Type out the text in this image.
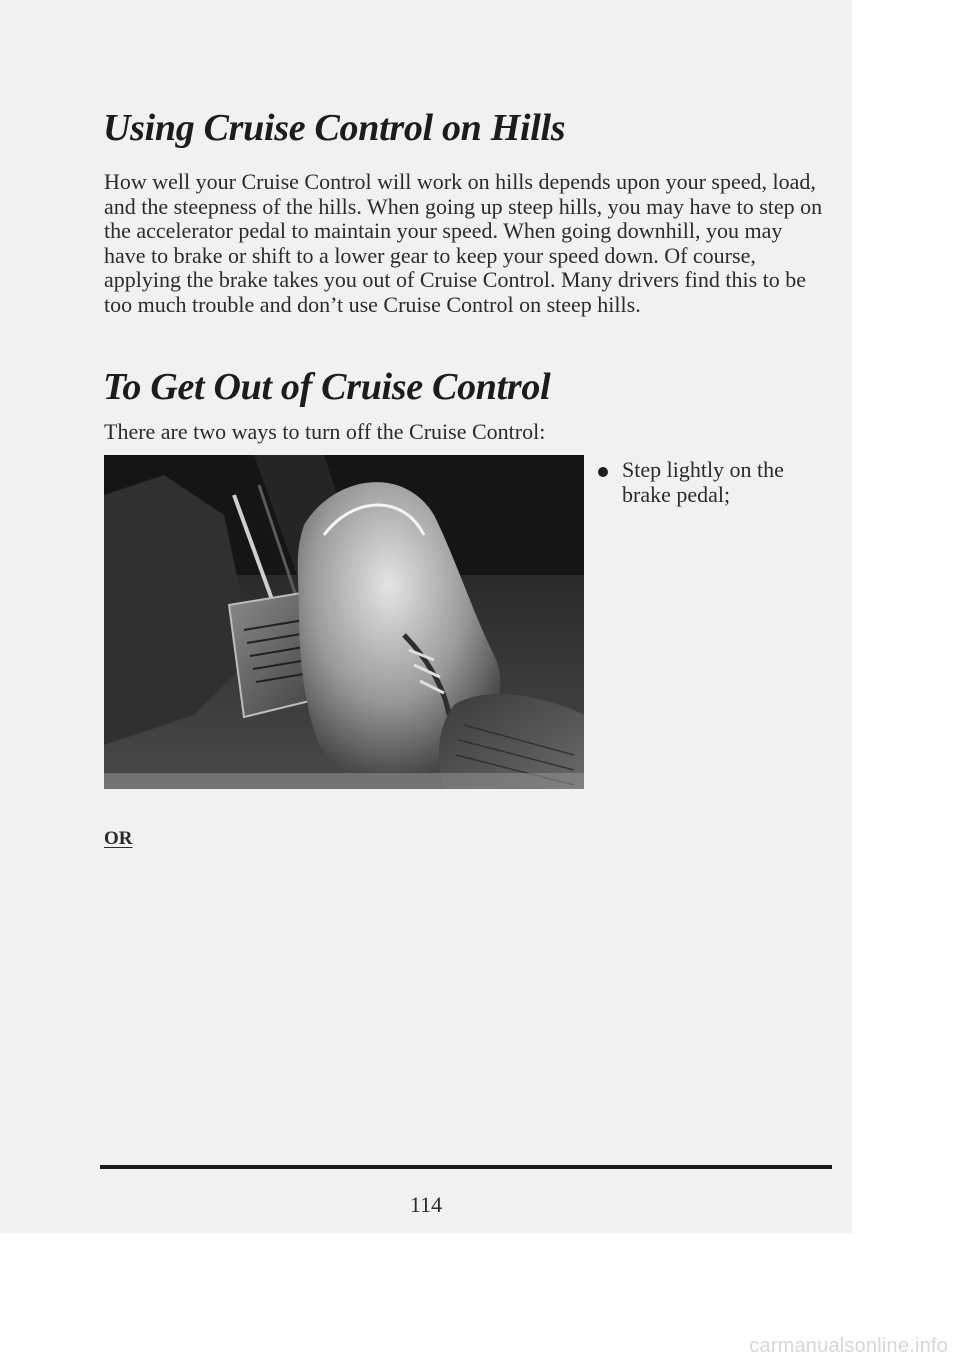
Using Cruise Control on Hills

How well your Cruise Control will work on hills depends upon your speed, load, and the steepness of the hills. When going up steep hills, you may have to step on the accelerator pedal to maintain your speed. When going downhill, you may have to brake or shift to a lower gear to keep your speed down. Of course, applying the brake takes you out of Cruise Control. Many drivers find this to be too much trouble and don’t use Cruise Control on steep hills.

To Get Out of Cruise Control

There are two ways to turn off the Cruise Control:

Step lightly on the brake pedal;

OR

114

carmanualsonline.info
